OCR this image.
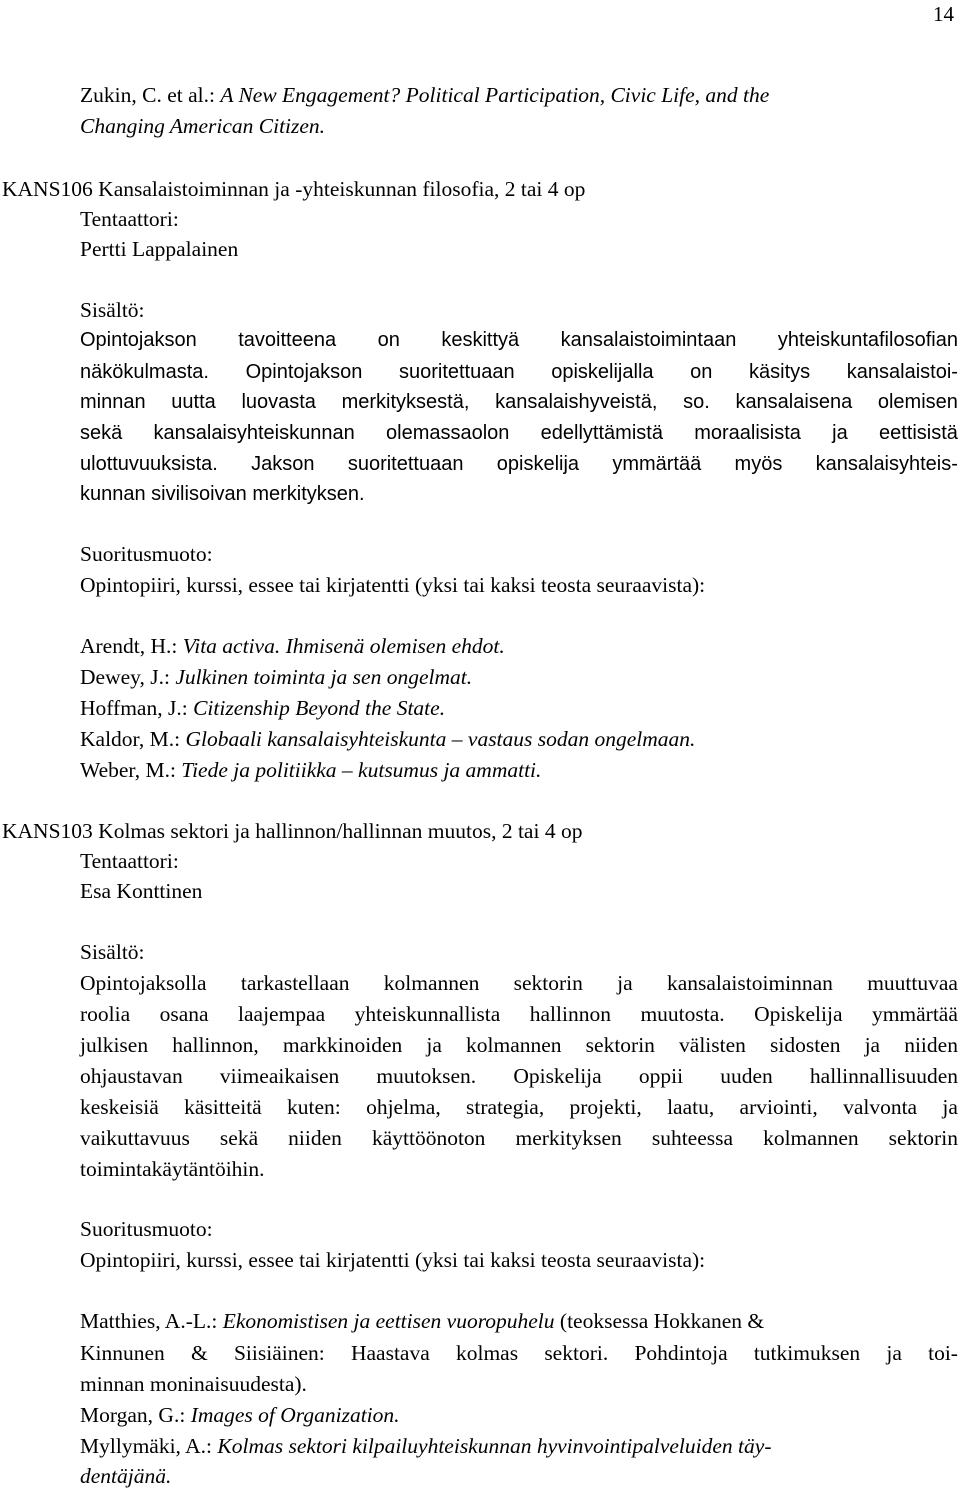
14
Zukin, C. et al.: A New Engagement? Political Participation, Civic Life, and the
Changing American Citizen.
KANS106 Kansalaistoiminnan ja -yhteiskunnan filosofia, 2 tai 4 op
Tentaattori:
Pertti Lappalainen
Sisältö:
Opintojakson tavoitteena on keskittyä kansalaistoimintaan yhteiskuntafilosofian
näkökulmasta. Opintojakson suoritettuaan opiskelijalla on käsitys kansalaistoi-
minnan uutta luovasta merkityksestä, kansalaishyveistä, so. kansalaisena olemisen
sekä kansalaisyhteiskunnan olemassaolon edellyttämistä moraalisista ja eettisistä
ulottuvuuksista. Jakson suoritettuaan opiskelija ymmärtää myös kansalaisyhteis-
kunnan sivilisoivan merkityksen.
Suoritusmuoto:
Opintopiiri, kurssi, essee tai kirjatentti (yksi tai kaksi teosta seuraavista):
Arendt, H.: Vita activa. Ihmisenä olemisen ehdot.
Dewey, J.: Julkinen toiminta ja sen ongelmat.
Hoffman, J.: Citizenship Beyond the State.
Kaldor, M.: Globaali kansalaisyhteiskunta – vastaus sodan ongelmaan.
Weber, M.: Tiede ja politiikka – kutsumus ja ammatti.
KANS103 Kolmas sektori ja hallinnon/hallinnan muutos, 2 tai 4 op
Tentaattori:
Esa Konttinen
Sisältö:
Opintojaksolla tarkastellaan kolmannen sektorin ja kansalaistoiminnan muuttuvaa
roolia osana laajempaa yhteiskunnallista hallinnon muutosta. Opiskelija ymmärtää
julkisen hallinnon, markkinoiden ja kolmannen sektorin välisten sidosten ja niiden
ohjaustavan viimeaikaisen muutoksen. Opiskelija oppii uuden hallinnallisuuden
keskeisiä käsitteitä kuten: ohjelma, strategia, projekti, laatu, arviointi, valvonta ja
vaikuttavuus sekä niiden käyttöönoton merkityksen suhteessa kolmannen sektorin
toimintakäytäntöihin.
Suoritusmuoto:
Opintopiiri, kurssi, essee tai kirjatentti (yksi tai kaksi teosta seuraavista):
Matthies, A.-L.: Ekonomistisen ja eettisen vuoropuhelu (teoksessa Hokkanen &
Kinnunen & Siisiäinen: Haastava kolmas sektori. Pohdintoja tutkimuksen ja toi-
minnan moninaisuudesta).
Morgan, G.: Images of Organization.
Myllymäki, A.: Kolmas sektori kilpailuyhteiskunnan hyvinvointipalveluiden täy-
dentäjänä.
